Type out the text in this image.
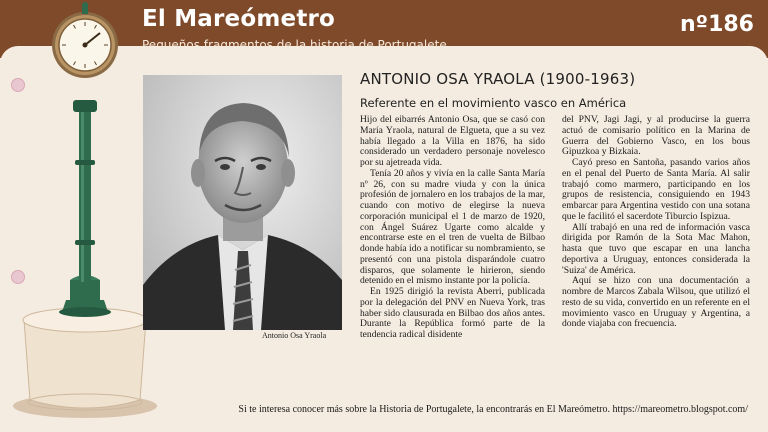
El Mareómetro
Pequeños fragmentos de la historia de Portugalete
nº186
Antonio Osa Yraola
ANTONIO OSA YRAOLA (1900-1963)
Referente en el movimiento vasco en América

Hijo del eibarrés Antonio Osa, que se casó con María Yraola, natural de Elgueta, que a su vez había llegado a la Villa en 1876, ha sido considerado un verdadero personaje novelesco por su ajetreada vida.

Tenía 20 años y vivía en la calle Santa María nº 26, con su madre viuda y con la única profesión de jornalero en los trabajos de la mar, cuando con motivo de elegirse la nueva corporación municipal el 1 de marzo de 1920, con Ángel Suárez Ugarte como alcalde y encontrarse este en el tren de vuelta de Bilbao donde había ido a notificar su nombramiento, se presentó con una pistola disparándole cuatro disparos, que solamente le hirieron, siendo detenido en el mismo instante por la policía.

En 1925 dirigió la revista Aberri, publicada por la delegación del PNV en Nueva York, tras haber sido clausurada en Bilbao dos años antes. Durante la República formó parte de la tendencia radical disidente

del PNV, Jagi Jagi, y al producirse la guerra actuó de comisario político en la Marina de Guerra del Gobierno Vasco, en los bous Gipuzkoa y Bizkaia.

Cayó preso en Santoña, pasando varios años en el penal del Puerto de Santa María. Al salir trabajó como marmero, participando en los grupos de resistencia, consiguiendo en 1943 embarcar para Argentina vestido con una sotana que le facilitó el sacerdote Tiburcio Ispizua.

Allí trabajó en una red de información vasca dirigida por Ramón de la Sota Mac Mahon, hasta que tuvo que escapar en una lancha deportiva a Uruguay, entonces considerada la 'Suiza' de América.

Aquí se hizo con una documentación a nombre de Marcos Zabala Wilsou, que utilizó el resto de su vida, convertido en un referente en el movimiento vasco en Uruguay y Argentina, a donde viajaba con frecuencia.

Si te interesa conocer más sobre la Historia de Portugalete, la encontrarás en El Mareómetro. https://mareometro.blogspot.com/
